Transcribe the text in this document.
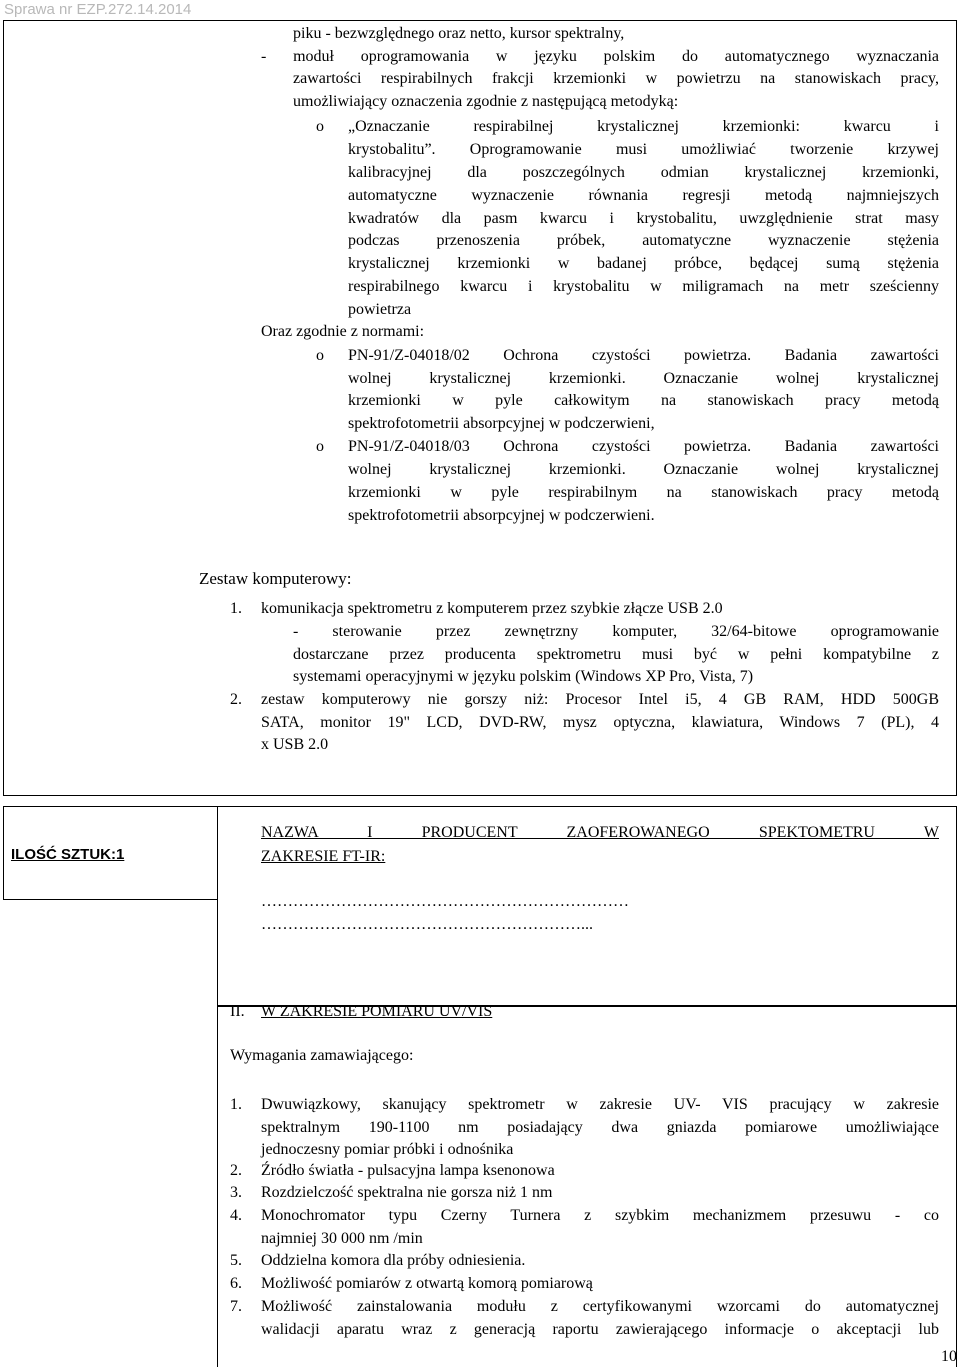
Sprawa nr EZP.272.14.2014
piku - bezwzględnego oraz netto, kursor spektralny,
- moduł oprogramowania w języku polskim do automatycznego wyznaczania
zawartości respirabilnych frakcji krzemionki w powietrzu na stanowiskach pracy,
umożliwiający oznaczenia zgodnie z następującą metodyką:
o „Oznaczanie respirabilnej krystalicznej krzemionki: kwarcu i
krystobalitu”. Oprogramowanie musi umożliwiać tworzenie krzywej
kalibracyjnej dla poszczególnych odmian krystalicznej krzemionki,
automatyczne wyznaczenie równania regresji metodą najmniejszych
kwadratów dla pasm kwarcu i krystobalitu, uwzględnienie strat masy
podczas przenoszenia próbek, automatyczne wyznaczenie stężenia
krystalicznej krzemionki w badanej próbce, będącej sumą stężenia
respirabilnego kwarcu i krystobalitu w miligramach na metr sześcienny
powietrza
Oraz zgodnie z normami:
o PN-91/Z-04018/02 Ochrona czystości powietrza. Badania zawartości
wolnej krystalicznej krzemionki. Oznaczanie wolnej krystalicznej
krzemionki w pyle całkowitym na stanowiskach pracy metodą
spektrofotometrii absorpcyjnej w podczerwieni,
o PN-91/Z-04018/03 Ochrona czystości powietrza. Badania zawartości
wolnej krystalicznej krzemionki. Oznaczanie wolnej krystalicznej
krzemionki w pyle respirabilnym na stanowiskach pracy metodą
spektrofotometrii absorpcyjnej w podczerwieni.
Zestaw komputerowy:
1. komunikacja spektrometru z komputerem przez szybkie złącze USB 2.0
- sterowanie przez zewnętrzny komputer, 32/64-bitowe oprogramowanie
dostarczane przez producenta spektrometru musi być w pełni kompatybilne z
systemami operacyjnymi w języku polskim (Windows XP Pro, Vista, 7)
2. zestaw komputerowy nie gorszy niż: Procesor Intel i5, 4 GB RAM, HDD 500GB
SATA, monitor 19" LCD, DVD-RW, mysz optyczna, klawiatura, Windows 7 (PL), 4
x USB 2.0
ILOŚĆ SZTUK:1
NAZWA I PRODUCENT ZAOFEROWANEGO SPEKTOMETRU W
ZAKRESIE FT-IR:
……………………………………………………………
……………………………………………………...
II. W ZAKRESIE POMIARU UV/VIS
Wymagania zamawiającego:
1. Dwuwiązkowy, skanujący spektrometr w zakresie UV- VIS pracujący w zakresie
spektralnym 190-1100 nm posiadający dwa gniazda pomiarowe umożliwiające
jednoczesny pomiar próbki i odnośnika
2. Źródło światła - pulsacyjna lampa ksenonowa
3. Rozdzielczość spektralna nie gorsza niż 1 nm
4. Monochromator typu Czerny Turnera z szybkim mechanizmem przesuwu - co
najmniej 30 000 nm /min
5. Oddzielna komora dla próby odniesienia.
6. Możliwość pomiarów z otwartą komorą pomiarową
7. Możliwość zainstalowania modułu z certyfikowanymi wzorcami do automatycznej
walidacji aparatu wraz z generacją raportu zawierającego informacje o akceptacji lub
10
